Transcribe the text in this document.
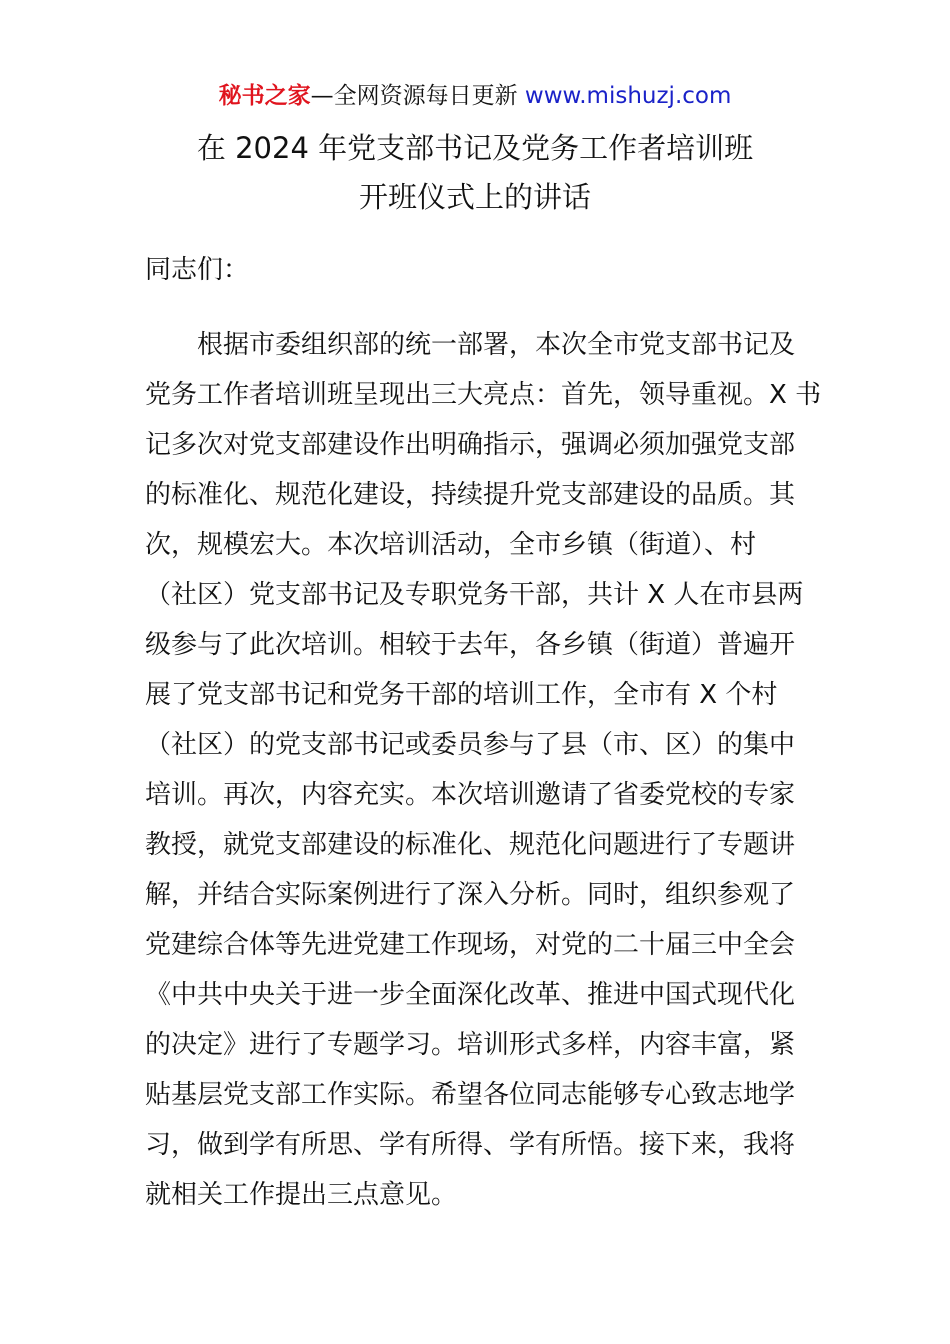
秘书之家—全网资源每日更新 www.mishuzj.com
在 2024 年党支部书记及党务工作者培训班
开班仪式上的讲话
同志们：
根据市委组织部的统一部署，本次全市党支部书记及
党务工作者培训班呈现出三大亮点：首先，领导重视。X 书
记多次对党支部建设作出明确指示，强调必须加强党支部
的标准化、规范化建设，持续提升党支部建设的品质。其
次，规模宏大。本次培训活动，全市乡镇（街道）、村
（社区）党支部书记及专职党务干部，共计 X 人在市县两
级参与了此次培训。相较于去年，各乡镇（街道）普遍开
展了党支部书记和党务干部的培训工作，全市有 X 个村
（社区）的党支部书记或委员参与了县（市、区）的集中
培训。再次，内容充实。本次培训邀请了省委党校的专家
教授，就党支部建设的标准化、规范化问题进行了专题讲
解，并结合实际案例进行了深入分析。同时，组织参观了
党建综合体等先进党建工作现场，对党的二十届三中全会
《中共中央关于进一步全面深化改革、推进中国式现代化
的决定》进行了专题学习。培训形式多样，内容丰富，紧
贴基层党支部工作实际。希望各位同志能够专心致志地学
习，做到学有所思、学有所得、学有所悟。接下来，我将
就相关工作提出三点意见。
